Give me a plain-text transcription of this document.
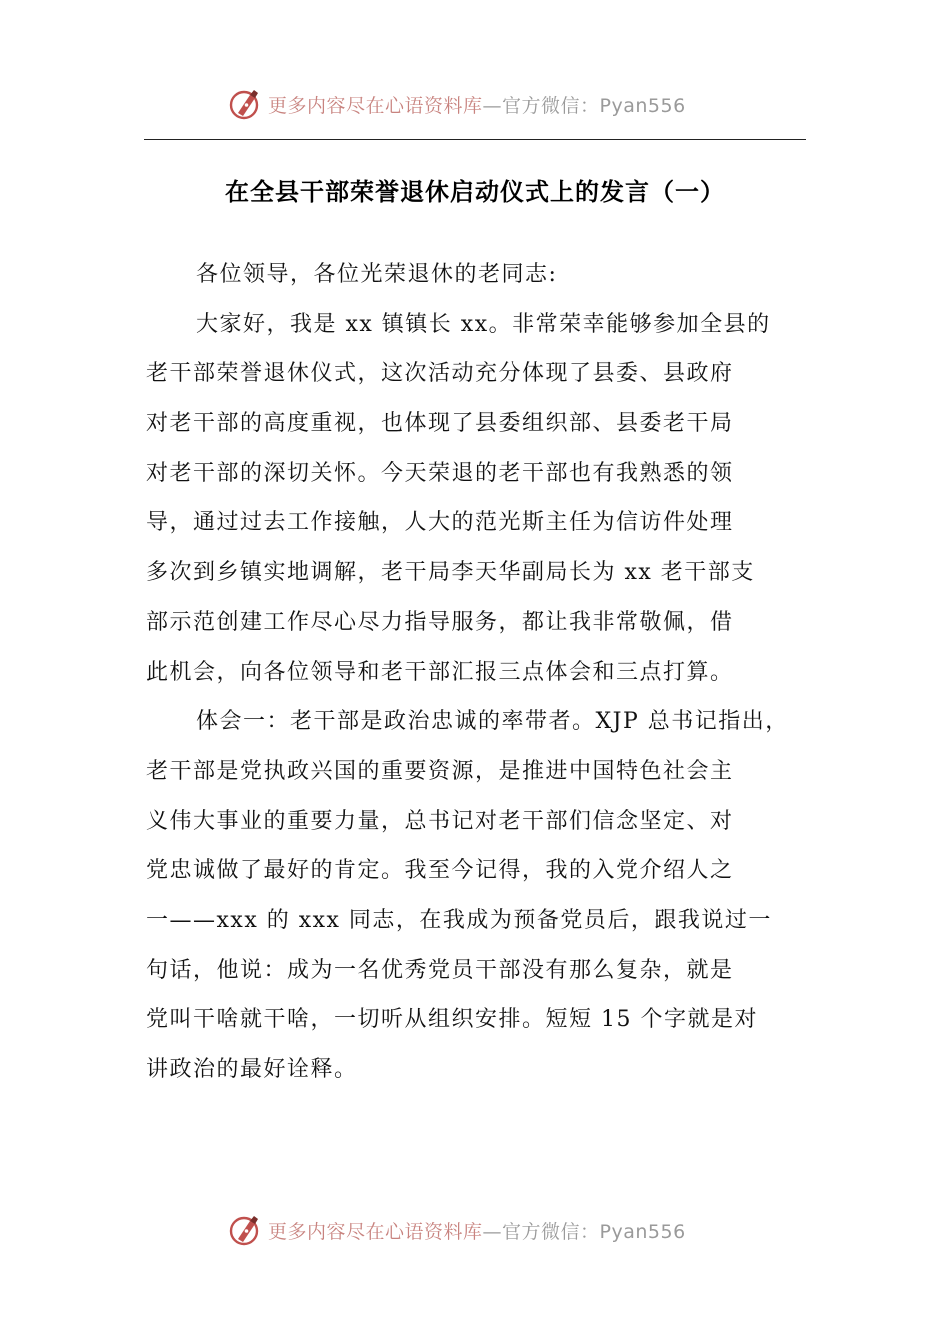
更多内容尽在心语资料库—官方微信：Pyan556
在全县干部荣誉退休启动仪式上的发言（一）
各位领导，各位光荣退休的老同志:
大家好，我是 xx 镇镇长 xx。非常荣幸能够参加全县的
老干部荣誉退休仪式，这次活动充分体现了县委、县政府
对老干部的高度重视，也体现了县委组织部、县委老干局
对老干部的深切关怀。今天荣退的老干部也有我熟悉的领
导，通过过去工作接触，人大的范光斯主任为信访件处理
多次到乡镇实地调解，老干局李天华副局长为 xx 老干部支
部示范创建工作尽心尽力指导服务，都让我非常敬佩，借
此机会，向各位领导和老干部汇报三点体会和三点打算。
体会一：老干部是政治忠诚的率带者。XJP 总书记指出，
老干部是党执政兴国的重要资源，是推进中国特色社会主
义伟大事业的重要力量，总书记对老干部们信念坚定、对
党忠诚做了最好的肯定。我至今记得，我的入党介绍人之
一——xxx 的 xxx 同志，在我成为预备党员后，跟我说过一
句话，他说：成为一名优秀党员干部没有那么复杂，就是
党叫干啥就干啥，一切听从组织安排。短短 15 个字就是对
讲政治的最好诠释。
更多内容尽在心语资料库—官方微信：Pyan556
